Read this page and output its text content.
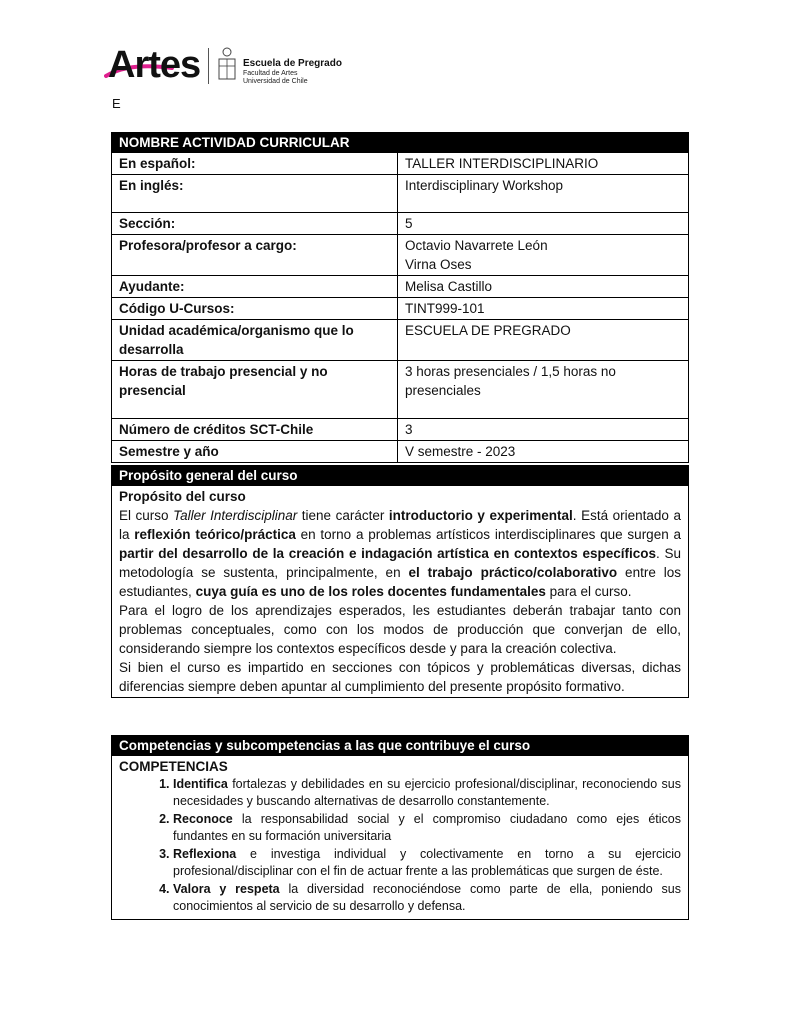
Artes	Escuela de Pregrado
Facultad de Artes
Universidad de Chile
E
NOMBRE ACTIVIDAD CURRICULAR	
En español:	TALLER INTERDISCIPLINARIO
En inglés:	Interdisciplinary Workshop
Sección:	5
Profesora/profesor a cargo:	Octavio Navarrete León
Virna Oses

Ayudante:	Melisa Castillo
Código U-Cursos:	TINT999-101
Unidad académica/organismo que lo desarrolla	ESCUELA DE PREGRADO
Horas de trabajo presencial y no presencial	3 horas presenciales / 1,5 horas no presenciales
Número de créditos SCT-Chile	3
Semestre y año	V semestre - 2023
Propósito general del curso

Propósito del curso

El curso Taller Interdisciplinar tiene carácter introductorio y experimental. Está orientado a la reflexión teórico/práctica en torno a problemas artísticos interdisciplinares que surgen a partir del desarrollo de la creación e indagación artística en contextos específicos. Su metodología se sustenta, principalmente, en el trabajo práctico/colaborativo entre los estudiantes, cuya guía es uno de los roles docentes fundamentales para el curso.

Para el logro de los aprendizajes esperados, les estudiantes deberán trabajar tanto con problemas conceptuales, como con los modos de producción que converjan de ello, considerando siempre los contextos específicos desde y para la creación colectiva.

Si bien el curso es impartido en secciones con tópicos y problemáticas diversas, dichas diferencias siempre deben apuntar al cumplimiento del presente propósito formativo.

Competencias y subcompetencias a las que contribuye el curso

COMPETENCIAS

1. Identifica fortalezas y debilidades en su ejercicio profesional/disciplinar, reconociendo sus necesidades y buscando alternativas de desarrollo constantemente.
2. Reconoce la responsabilidad social y el compromiso ciudadano como ejes éticos fundantes en su formación universitaria
3. Reflexiona e investiga individual y colectivamente en torno a su ejercicio profesional/disciplinar con el fin de actuar frente a las problemáticas que surgen de éste.
4. Valora y respeta la diversidad reconociéndose como parte de ella, poniendo sus conocimientos al servicio de su desarrollo y defensa.
